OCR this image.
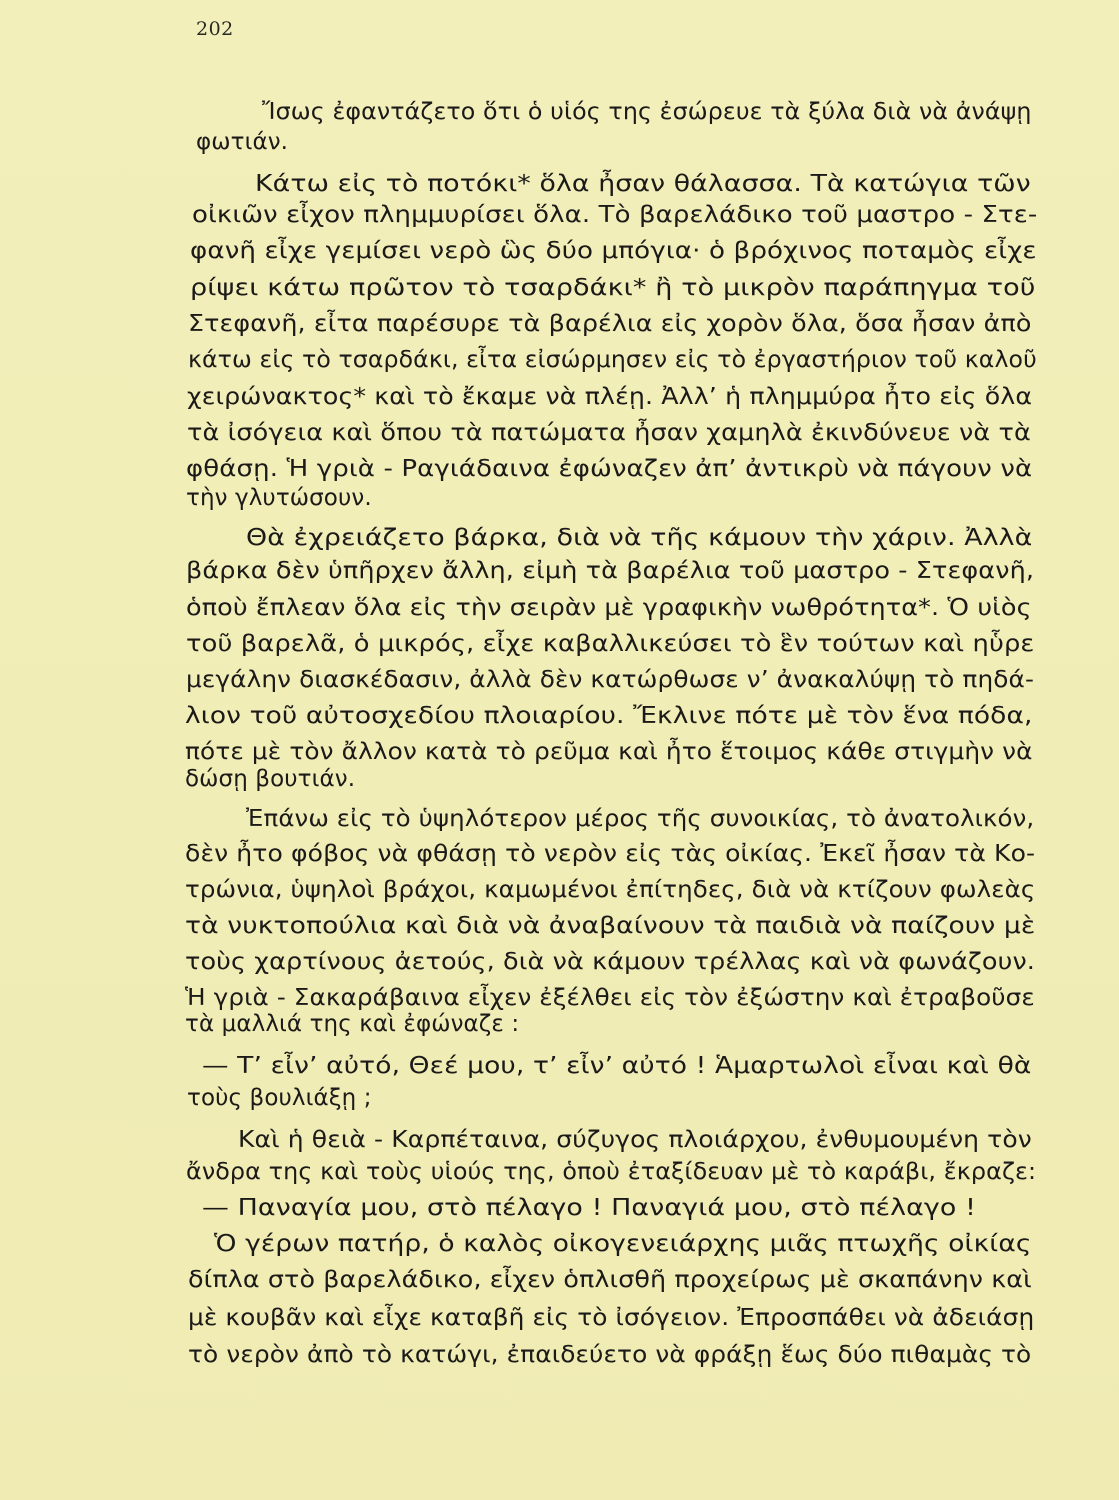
202
Ἴσως ἐφαντάζετο ὅτι ὁ υἱός της ἐσώρευε τὰ ξύλα διὰ νὰ ἀνάψῃ
φωτιάν.
Κάτω εἰς τὸ ποτόκι* ὅλα ἦσαν θάλασσα. Τὰ κατώγια τῶν
οἰκιῶν εἶχον πλημμυρίσει ὅλα. Τὸ βαρελάδικο τοῦ μαστρο - Στε-
φανῆ εἶχε γεμίσει νερὸ ὣς δύο μπόγια· ὁ βρόχινος ποταμὸς εἶχε
ρίψει κάτω πρῶτον τὸ τσαρδάκι* ἢ τὸ μικρὸν παράπηγμα τοῦ
Στεφανῆ, εἶτα παρέσυρε τὰ βαρέλια εἰς χορὸν ὅλα, ὅσα ἦσαν ἀπὸ
κάτω εἰς τὸ τσαρδάκι, εἶτα εἰσώρμησεν εἰς τὸ ἐργαστήριον τοῦ καλοῦ
χειρώνακτος* καὶ τὸ ἔκαμε νὰ πλέῃ. Ἀλλ’ ἡ πλημμύρα ἦτο εἰς ὅλα
τὰ ἰσόγεια καὶ ὅπου τὰ πατώματα ἦσαν χαμηλὰ ἐκινδύνευε νὰ τὰ
φθάσῃ. Ἡ γριὰ - Ραγιάδαινα ἐφώναζεν ἀπ’ ἀντικρὺ νὰ πάγουν νὰ
τὴν γλυτώσουν.
Θὰ ἐχρειάζετο βάρκα, διὰ νὰ τῆς κάμουν τὴν χάριν. Ἀλλὰ
βάρκα δὲν ὑπῆρχεν ἄλλη, εἰμὴ τὰ βαρέλια τοῦ μαστρο - Στεφανῆ,
ὁποὺ ἔπλεαν ὅλα εἰς τὴν σειρὰν μὲ γραφικὴν νωθρότητα*. Ὁ υἱὸς
τοῦ βαρελᾶ, ὁ μικρός, εἶχε καβαλλικεύσει τὸ ἓν τούτων καὶ ηὗρε
μεγάλην διασκέδασιν, ἀλλὰ δὲν κατώρθωσε ν’ ἀνακαλύψῃ τὸ πηδά-
λιον τοῦ αὐτοσχεδίου πλοιαρίου. Ἔκλινε πότε μὲ τὸν ἕνα πόδα,
πότε μὲ τὸν ἄλλον κατὰ τὸ ρεῦμα καὶ ἦτο ἕτοιμος κάθε στιγμὴν νὰ
δώσῃ βουτιάν.
Ἐπάνω εἰς τὸ ὑψηλότερον μέρος τῆς συνοικίας, τὸ ἀνατολικόν,
δὲν ἦτο φόβος νὰ φθάσῃ τὸ νερὸν εἰς τὰς οἰκίας. Ἐκεῖ ἦσαν τὰ Κο-
τρώνια, ὑψηλοὶ βράχοι, καμωμένοι ἐπίτηδες, διὰ νὰ κτίζουν φωλεὰς
τὰ νυκτοπούλια καὶ διὰ νὰ ἀναβαίνουν τὰ παιδιὰ νὰ παίζουν μὲ
τοὺς χαρτίνους ἀετούς, διὰ νὰ κάμουν τρέλλας καὶ νὰ φωνάζουν.
Ἡ γριὰ - Σακαράβαινα εἶχεν ἐξέλθει εἰς τὸν ἐξώστην καὶ ἐτραβοῦσε
τὰ μαλλιά της καὶ ἐφώναζε :
— Τ’ εἶν’ αὐτό, Θεέ μου, τ’ εἶν’ αὐτό ! Ἁμαρτωλοὶ εἶναι καὶ θὰ
τοὺς βουλιάξῃ ;
Καὶ ἡ θειὰ - Καρπέταινα, σύζυγος πλοιάρχου, ἐνθυμουμένη τὸν
ἄνδρα της καὶ τοὺς υἱούς της, ὁποὺ ἐταξίδευαν μὲ τὸ καράβι, ἔκραζε:
— Παναγία μου, στὸ πέλαγο ! Παναγιά μου, στὸ πέλαγο !
Ὁ γέρων πατήρ, ὁ καλὸς οἰκογενειάρχης μιᾶς πτωχῆς οἰκίας
δίπλα στὸ βαρελάδικο, εἶχεν ὁπλισθῆ προχείρως μὲ σκαπάνην καὶ
μὲ κουβᾶν καὶ εἶχε καταβῆ εἰς τὸ ἰσόγειον. Ἐπροσπάθει νὰ ἀδειάσῃ
τὸ νερὸν ἀπὸ τὸ κατώγι, ἐπαιδεύετο νὰ φράξῃ ἕως δύο πιθαμὰς τὸ
